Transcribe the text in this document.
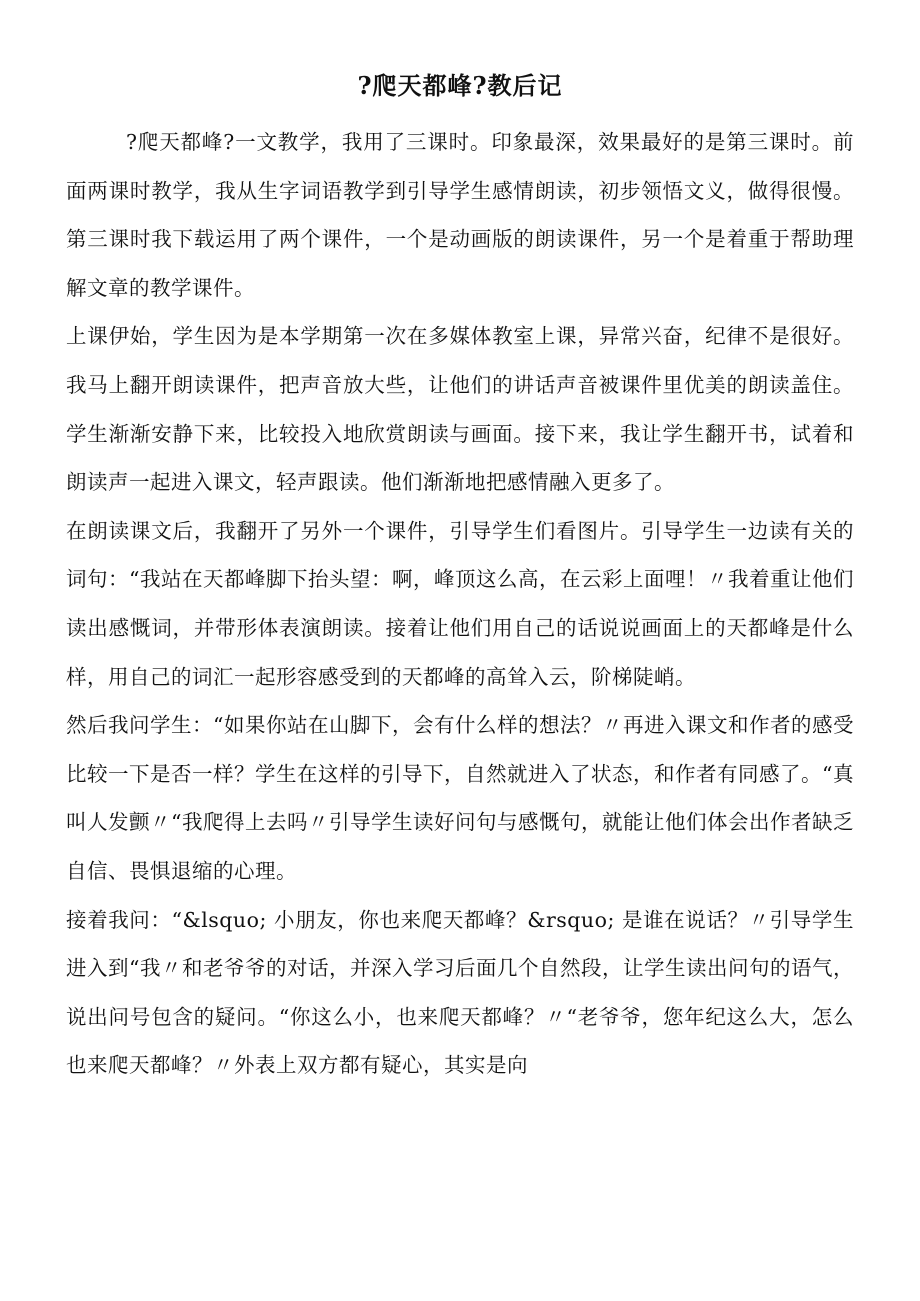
?爬天都峰?教后记

?爬天都峰?一文教学，我用了三课时。印象最深，效果最好的是第三课时。前面两课时教学，我从生字词语教学到引导学生感情朗读，初步领悟文义，做得很慢。第三课时我下载运用了两个课件，一个是动画版的朗读课件，另一个是着重于帮助理解文章的教学课件。

上课伊始，学生因为是本学期第一次在多媒体教室上课，异常兴奋，纪律不是很好。我马上翻开朗读课件，把声音放大些，让他们的讲话声音被课件里优美的朗读盖住。学生渐渐安静下来，比较投入地欣赏朗读与画面。接下来，我让学生翻开书，试着和朗读声一起进入课文，轻声跟读。他们渐渐地把感情融入更多了。

在朗读课文后，我翻开了另外一个课件，引导学生们看图片。引导学生一边读有关的词句：“我站在天都峰脚下抬头望：啊，峰顶这么高，在云彩上面哩！〃我着重让他们读出感慨词，并带形体表演朗读。接着让他们用自己的话说说画面上的天都峰是什么样，用自己的词汇一起形容感受到的天都峰的高耸入云，阶梯陡峭。

然后我问学生：“如果你站在山脚下，会有什么样的想法？〃再进入课文和作者的感受比较一下是否一样？学生在这样的引导下，自然就进入了状态，和作者有同感了。“真叫人发颤〃“我爬得上去吗〃引导学生读好问句与感慨句，就能让他们体会出作者缺乏自信、畏惧退缩的心理。

接着我问：“&lsquo; 小朋友，你也来爬天都峰？&rsquo; 是谁在说话？〃引导学生进入到“我〃和老爷爷的对话，并深入学习后面几个自然段，让学生读出问句的语气，说出问号包含的疑问。“你这么小，也来爬天都峰？〃“老爷爷，您年纪这么大，怎么也来爬天都峰？〃外表上双方都有疑心，其实是向
